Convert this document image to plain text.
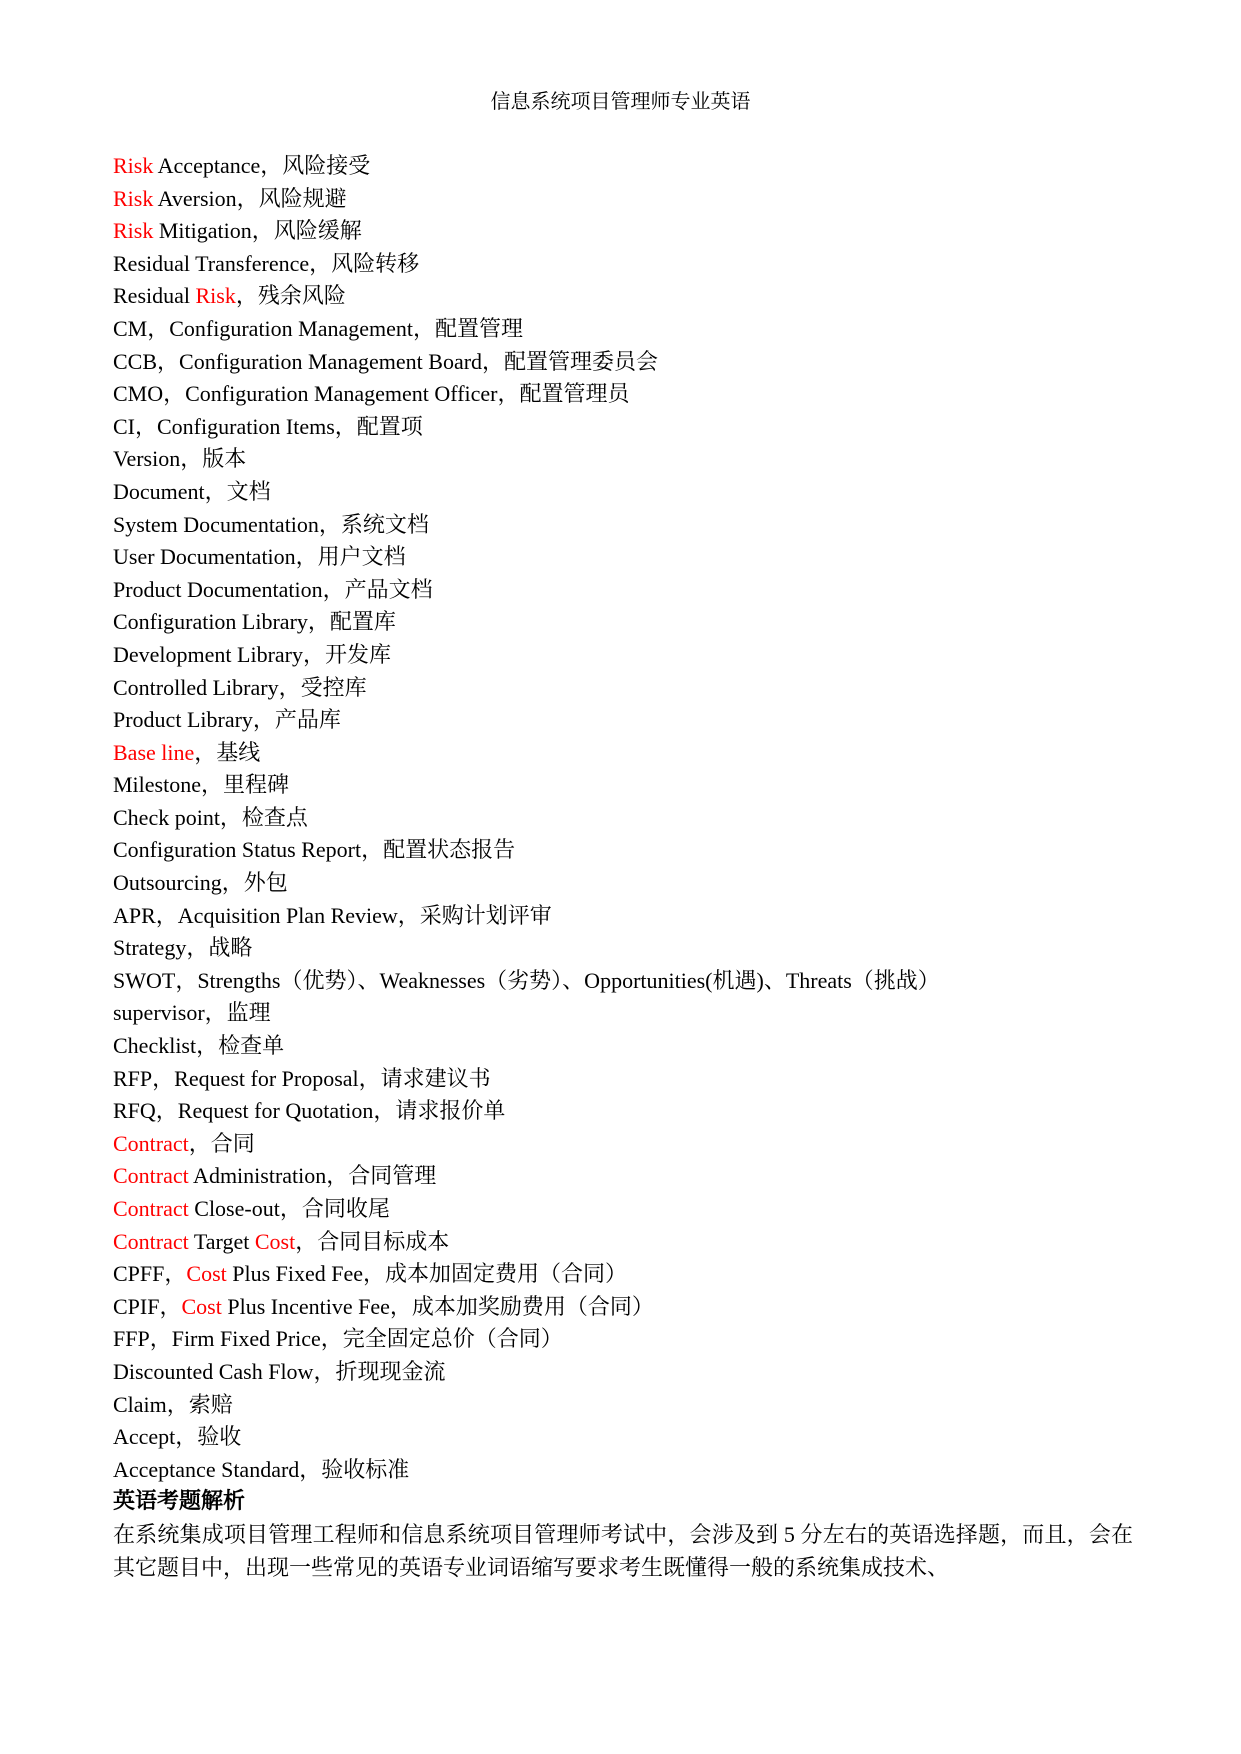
信息系统项目管理师专业英语
Risk Acceptance，风险接受
Risk Aversion，风险规避
Risk Mitigation，风险缓解
Residual Transference，风险转移
Residual Risk，残余风险
CM，Configuration Management，配置管理
CCB，Configuration Management Board，配置管理委员会
CMO，Configuration Management Officer，配置管理员
CI，Configuration Items，配置项
Version，版本
Document，文档
System Documentation，系统文档
User Documentation，用户文档
Product Documentation，产品文档
Configuration Library，配置库
Development Library，开发库
Controlled Library，受控库
Product Library，产品库
Base line，基线
Milestone，里程碑
Check point，检查点
Configuration Status Report，配置状态报告
Outsourcing，外包
APR，Acquisition Plan Review，采购计划评审
Strategy，战略
SWOT，Strengths（优势）、Weaknesses（劣势）、Opportunities(机遇)、Threats（挑战）
supervisor，监理
Checklist，检查单
RFP，Request for Proposal，请求建议书
RFQ，Request for Quotation，请求报价单
Contract，合同
Contract Administration，合同管理
Contract Close-out，合同收尾
Contract Target Cost，合同目标成本
CPFF，Cost Plus Fixed Fee，成本加固定费用（合同）
CPIF，Cost Plus Incentive Fee，成本加奖励费用（合同）
FFP，Firm Fixed Price，完全固定总价（合同）
Discounted Cash Flow，折现现金流
Claim，索赔
Accept，验收
Acceptance Standard，验收标准
英语考题解析
在系统集成项目管理工程师和信息系统项目管理师考试中，会涉及到 5 分左右的英语选择题，而且，会在其它题目中，出现一些常见的英语专业词语缩写要求考生既懂得一般的系统集成技术、
